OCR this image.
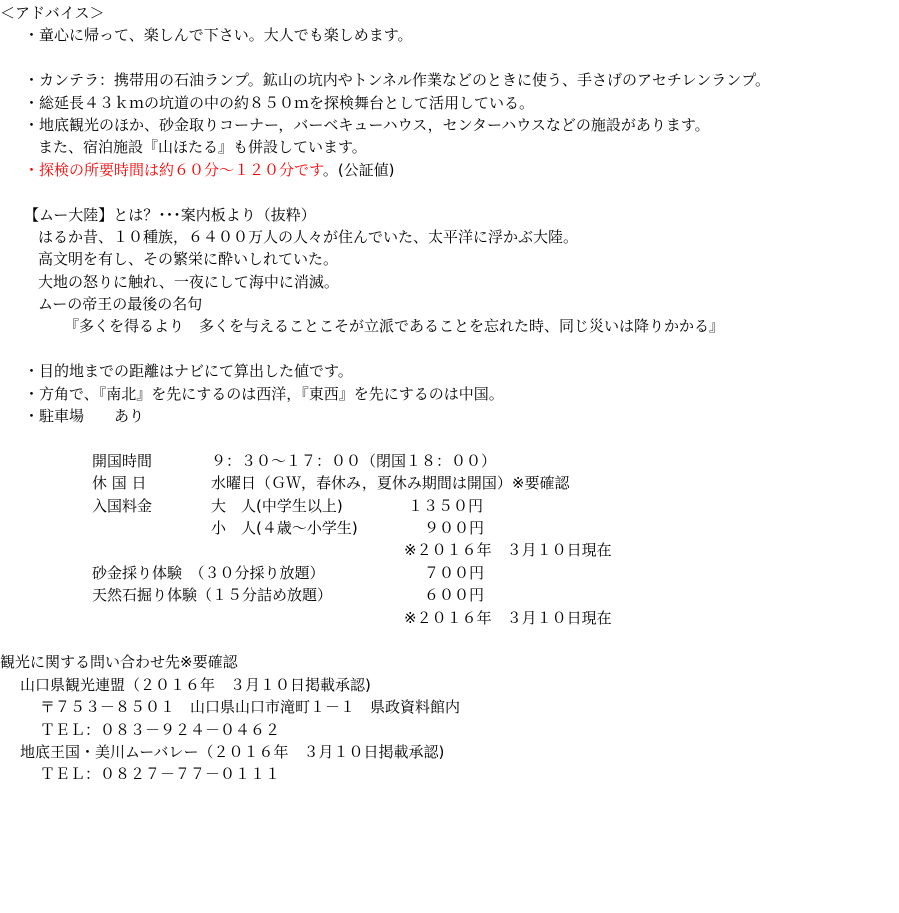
＜アドバイス＞
・童心に帰って、楽しんで下さい。大人でも楽しめます。
・カンテラ：携帯用の石油ランプ。鉱山の坑内やトンネル作業などのときに使う、手さげのアセチレンランプ。
・総延長４３ｋｍの坑道の中の約８５０ｍを探検舞台として活用している。
・地底観光のほか、砂金取りコーナー，バーベキューハウス，センターハウスなどの施設があります。
また、宿泊施設『山ほたる』も併設しています。
・探検の所要時間は約６０分～１２０分です。(公証値)
【ムー大陸】とは？･･･案内板より（抜粋）
はるか昔、１０種族，６４００万人の人々が住んでいた、太平洋に浮かぶ大陸。
高文明を有し、その繁栄に酔いしれていた。
大地の怒りに触れ、一夜にして海中に消滅。
ムーの帝王の最後の名句
『多くを得るより　多くを与えることこそが立派であることを忘れた時、同じ災いは降りかかる』
・目的地までの距離はナビにて算出した値です。
・方角で、『南北』を先にするのは西洋，『東西』を先にするのは中国。
・駐車場　　あり
開国時間	９：３０～１７：００（閉国１８：００）
休 国 日	水曜日（ＧＷ，春休み，夏休み期間は開国）※要確認
入国料金	大　人(中学生以上)	１３５０円
小　人(４歳～小学生)	９００円
※２０１６年　３月１０日現在
砂金採り体験　（３０分採り放題）	７００円
天然石掘り体験（１５分詰め放題）	６００円
※２０１６年　３月１０日現在
観光に関する問い合わせ先※要確認
山口県観光連盟（２０１６年　３月１０日掲載承認)
〒７５３－８５０１　山口県山口市滝町１－１　県政資料館内
ＴＥＬ：０８３－９２４－０４６２
地底王国・美川ムーバレー（２０１６年　３月１０日掲載承認)
ＴＥＬ：０８２７－７７－０１１１
